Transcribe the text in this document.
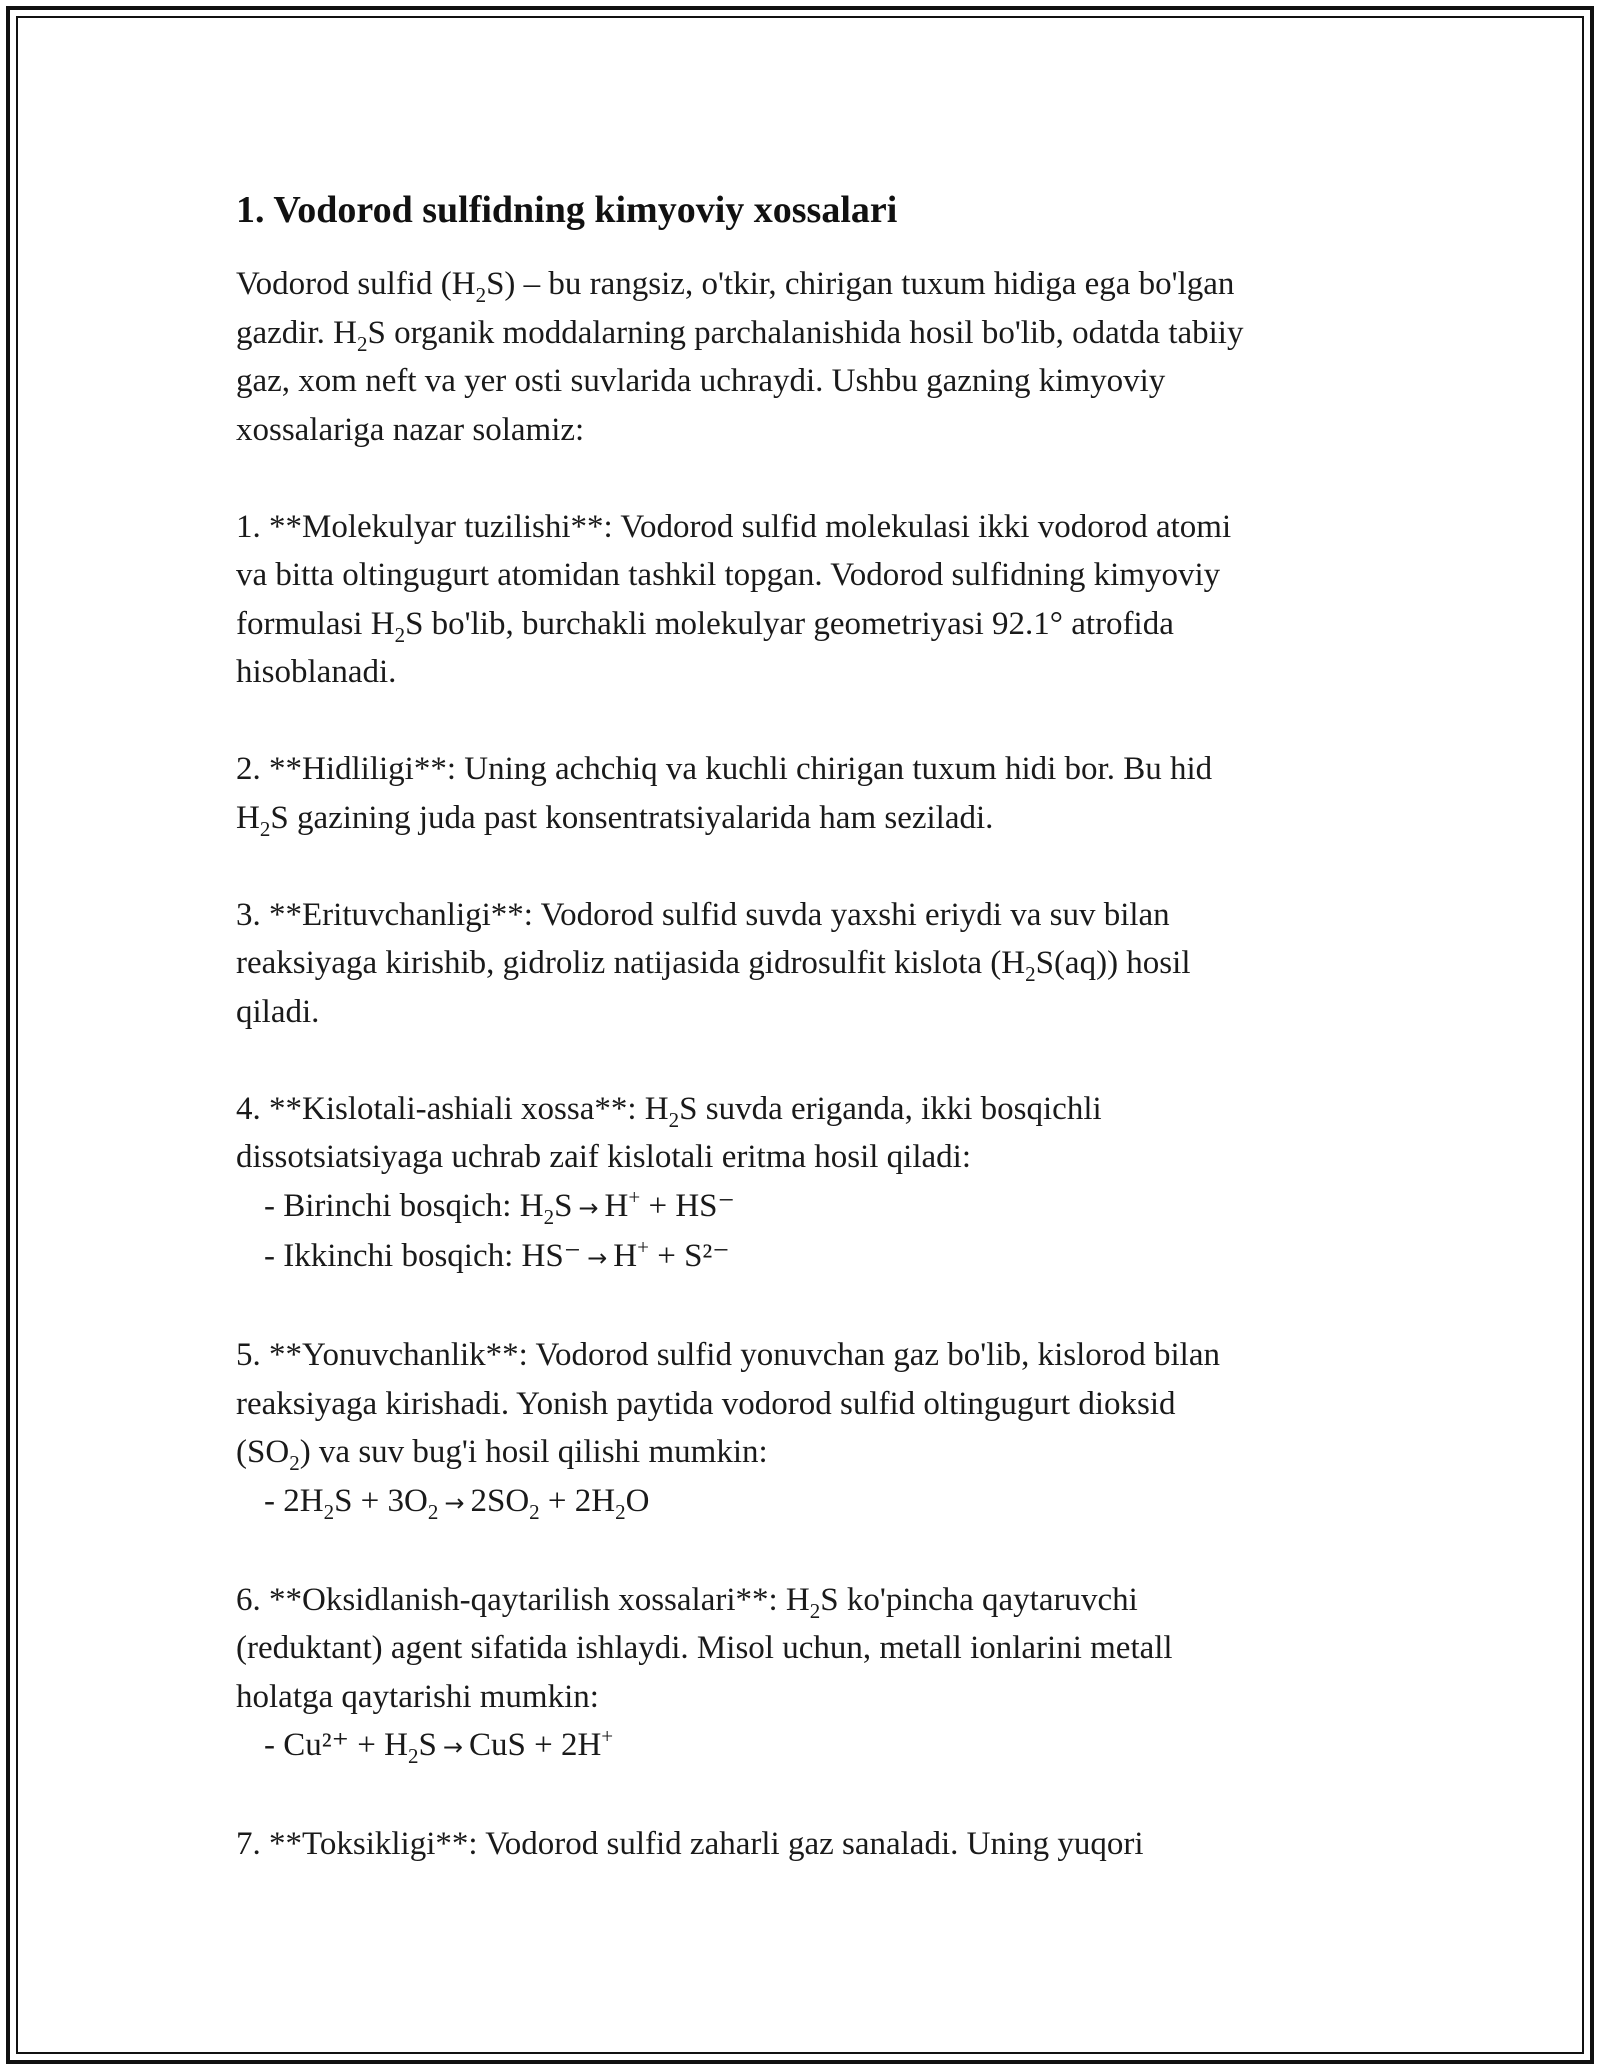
1. Vodorod sulfidning kimyoviy xossalari

Vodorod sulfid $(H_2S)$ – bu rangsiz, o'tkir, chirigan tuxum hidiga ega bo'lgan
gazdir. $H_2S$ organik moddalarning parchalanishida hosil bo'lib, odatda tabiiy
gaz, xom neft va yer osti suvlarida uchraydi. Ushbu gazning kimyoviy
xossalariga nazar solamiz:

1. **Molekulyar tuzilishi**: Vodorod sulfid molekulasi ikki vodorod atomi
va bitta oltingugurt atomidan tashkil topgan. Vodorod sulfidning kimyoviy
formulasi $H_2S$ bo'lib, burchakli molekulyar geometriyasi 92.1° atrofida
hisoblanadi.

2. **Hidliligi**: Uning achchiq va kuchli chirigan tuxum hidi bor. Bu hid
$H_2S$ gazining juda past konsentratsiyalarida ham seziladi.

3. **Erituvchanligi**: Vodorod sulfid suvda yaxshi eriydi va suv bilan
reaksiyaga kirishib, gidroliz natijasida gidrosulfit kislota $(H_2S(aq))$ hosil
qiladi.

4. **Kislotali-ashiali xossa**: $H_2S$ suvda eriganda, ikki bosqichli
dissotsiatsiyaga uchrab zaif kislotali eritma hosil qiladi:
- Birinchi bosqich: $H_2S \to H^+ + HS^-$
- Ikkinchi bosqich: HS⁻ → H+ + S²⁻

5. **Yonuvchanlik**: Vodorod sulfid yonuvchan gaz bo'lib, kislorod bilan
reaksiyaga kirishadi. Yonish paytida vodorod sulfid oltingugurt dioksid
$(SO_2)$ va suv bug'i hosil qilishi mumkin:
- $2H_2S + 3O_2 \to 2SO_2 + 2H_2O$

6. **Oksidlanish-qaytarilish xossalari**: $H_2S$ ko'pincha qaytaruvchi
(reduktant) agent sifatida ishlaydi. Misol uchun, metall ionlarini metall
holatga qaytarishi mumkin:
- $Cu^{2+} + H_2S$ → CuS + 2H+

7. **Toksikligi**: Vodorod sulfid zaharli gaz sanaladi. Uning yuqori
